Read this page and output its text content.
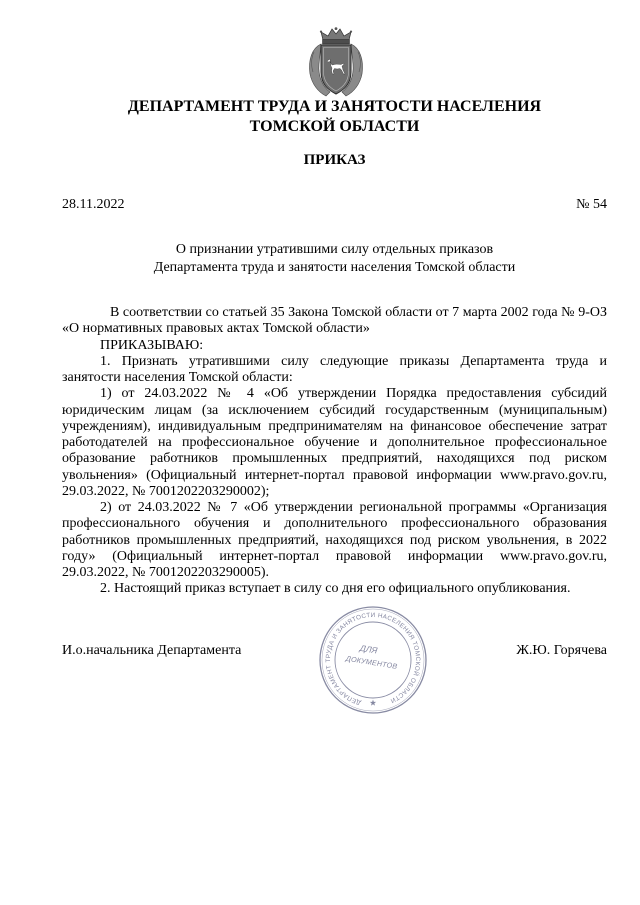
ДЕПАРТАМЕНТ ТРУДА И ЗАНЯТОСТИ НАСЕЛЕНИЯ
ТОМСКОЙ ОБЛАСТИ
ПРИКАЗ
28.11.2022	№ 54
О признании утратившими силу отдельных приказов
Департамента труда и занятости населения Томской области

В соответствии со статьей 35 Закона Томской области от 7 марта 2002 года № 9-ОЗ «О нормативных правовых актах Томской области»

ПРИКАЗЫВАЮ:

1. Признать утратившими силу следующие приказы Департамента труда и занятости населения Томской области:

1) от 24.03.2022 № 4 «Об утверждении Порядка предоставления субсидий юридическим лицам (за исключением субсидий государственным (муниципальным) учреждениям), индивидуальным предпринимателям на финансовое обеспечение затрат работодателей на профессиональное обучение и дополнительное профессиональное образование работников промышленных предприятий, находящихся под риском увольнения» (Официальный интернет-портал правовой информации www.pravo.gov.ru, 29.03.2022, № 7001202203290002);

2) от 24.03.2022 № 7 «Об утверждении региональной программы «Организация профессионального обучения и дополнительного профессионального образования работников промышленных предприятий, находящихся под риском увольнения, в 2022 году» (Официальный интернет-портал правовой информации www.pravo.gov.ru, 29.03.2022, № 7001202203290005).

2. Настоящий приказ вступает в силу со дня его официального опубликования.

И.о.начальника Департамента	Ж.Ю. Горячева
ДЕПАРТАМЕНТ ТРУДА И ЗАНЯТОСТИ НАСЕЛЕНИЯ ТОМСКОЙ ОБЛАСТИ
ДЛЯ
ДОКУМЕНТОВ
